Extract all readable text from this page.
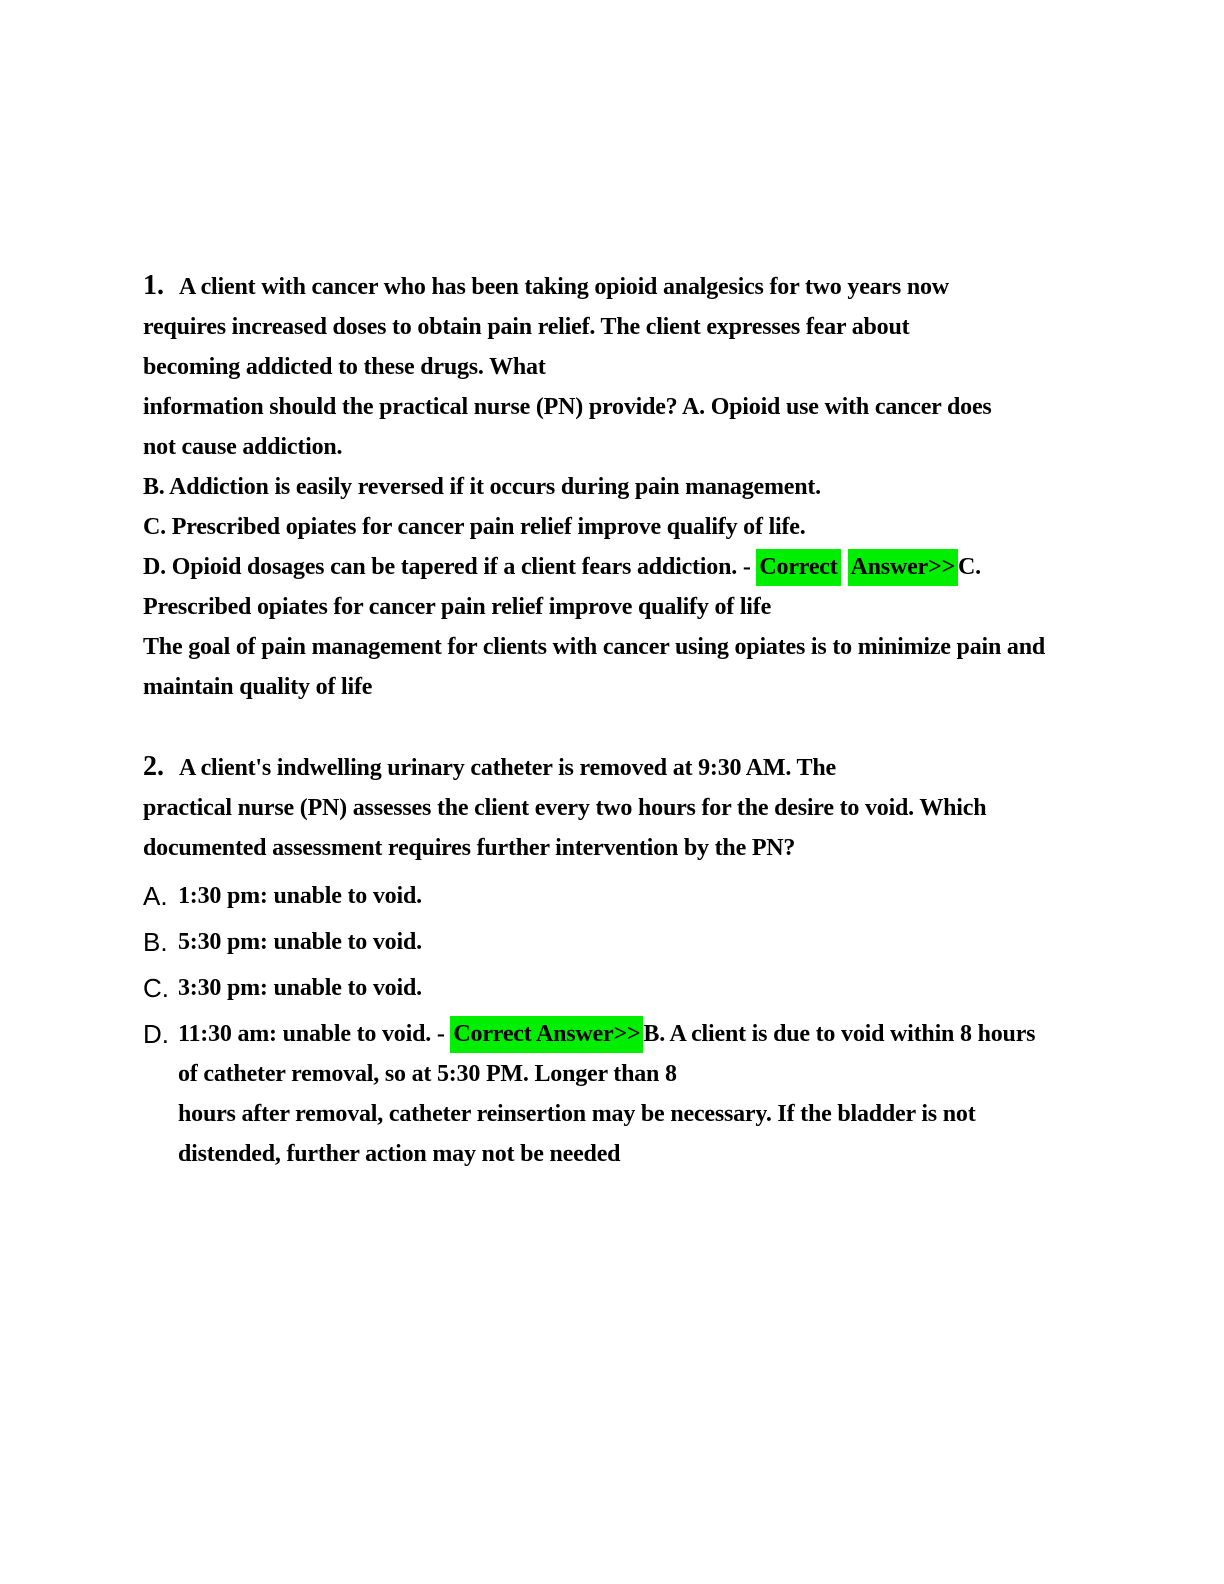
1. A client with cancer who has been taking opioid analgesics for two years now
requires increased doses to obtain pain relief. The client expresses fear about
becoming addicted to these drugs. What
information should the practical nurse (PN) provide? A. Opioid use with cancer does
not cause addiction.
B. Addiction is easily reversed if it occurs during pain management.
C. Prescribed opiates for cancer pain relief improve qualify of life.
D. Opioid dosages can be tapered if a client fears addiction. - Correct Answer>> C.
Prescribed opiates for cancer pain relief improve qualify of life
The goal of pain management for clients with cancer using opiates is to minimize pain and
maintain quality of life
2. A client's indwelling urinary catheter is removed at 9:30 AM. The
practical nurse (PN) assesses the client every two hours for the desire to void. Which
documented assessment requires further intervention by the PN?
A. 1:30 pm: unable to void.
B. 5:30 pm: unable to void.
C. 3:30 pm: unable to void.
D. 11:30 am: unable to void. - Correct Answer>> B. A client is due to void within 8 hours
of catheter removal, so at 5:30 PM. Longer than 8
hours after removal, catheter reinsertion may be necessary. If the bladder is not
distended, further action may not be needed
